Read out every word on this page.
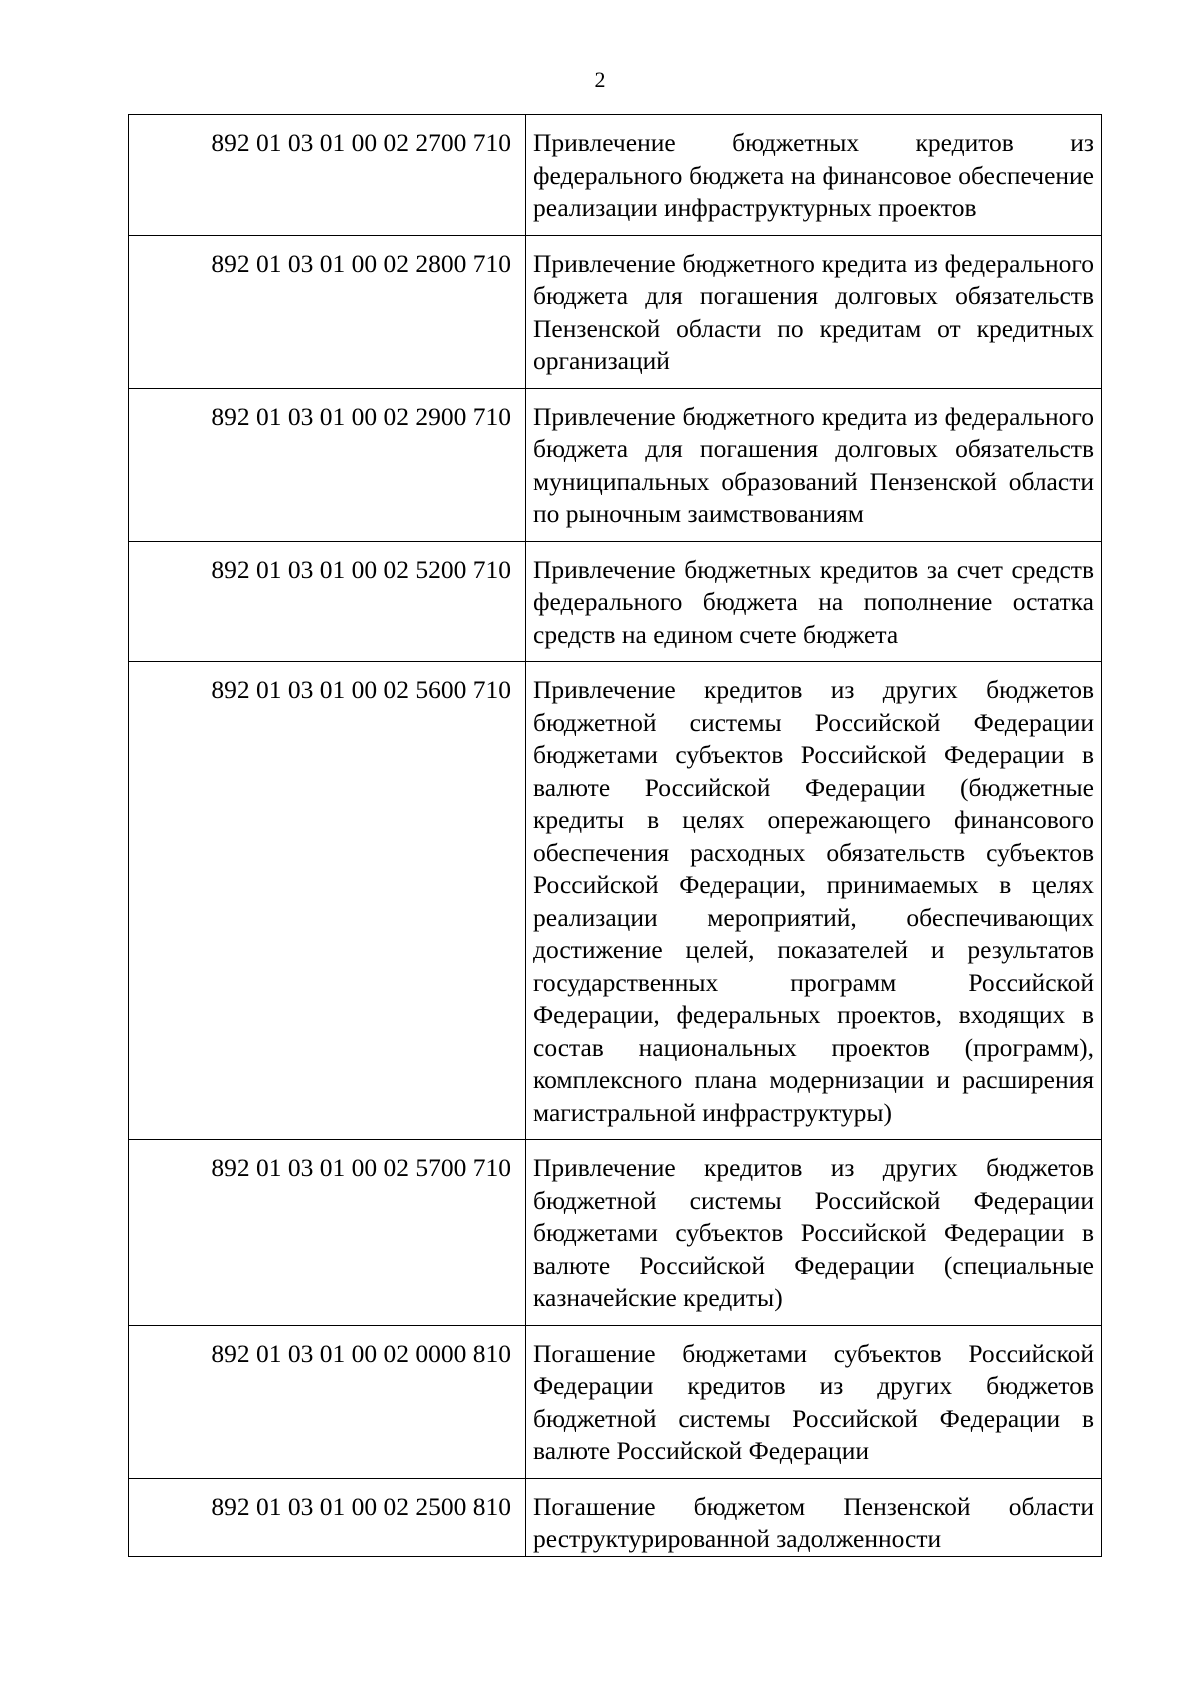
2
892 01 03 01 00 02 2700 710	Привлечение бюджетных кредитов из федерального бюджета на финансовое обеспечение реализации инфраструктурных проектов
892 01 03 01 00 02 2800 710	Привлечение бюджетного кредита из федерального бюджета для погашения долговых обязательств Пензенской области по кредитам от кредитных организаций
892 01 03 01 00 02 2900 710	Привлечение бюджетного кредита из федерального бюджета для погашения долговых обязательств муниципальных образований Пензенской области по рыночным заимствованиям
892 01 03 01 00 02 5200 710	Привлечение бюджетных кредитов за счет средств федерального бюджета на пополнение остатка средств на едином счете бюджета
892 01 03 01 00 02 5600 710	Привлечение кредитов из других бюджетов бюджетной системы Российской Федерации бюджетами субъектов Российской Федерации в валюте Российской Федерации (бюджетные кредиты в целях опережающего финансового обеспечения расходных обязательств субъектов Российской Федерации, принимаемых в целях реализации мероприятий, обеспечивающих достижение целей, показателей и результатов государственных программ Российской Федерации, федеральных проектов, входящих в состав национальных проектов (программ), комплексного плана модернизации и расширения магистральной инфраструктуры)
892 01 03 01 00 02 5700 710	Привлечение кредитов из других бюджетов бюджетной системы Российской Федерации бюджетами субъектов Российской Федерации в валюте Российской Федерации (специальные казначейские кредиты)
892 01 03 01 00 02 0000 810	Погашение бюджетами субъектов Российской Федерации кредитов из других бюджетов бюджетной системы Российской Федерации в валюте Российской Федерации
892 01 03 01 00 02 2500 810	Погашение бюджетом Пензенской области реструктурированной задолженности
